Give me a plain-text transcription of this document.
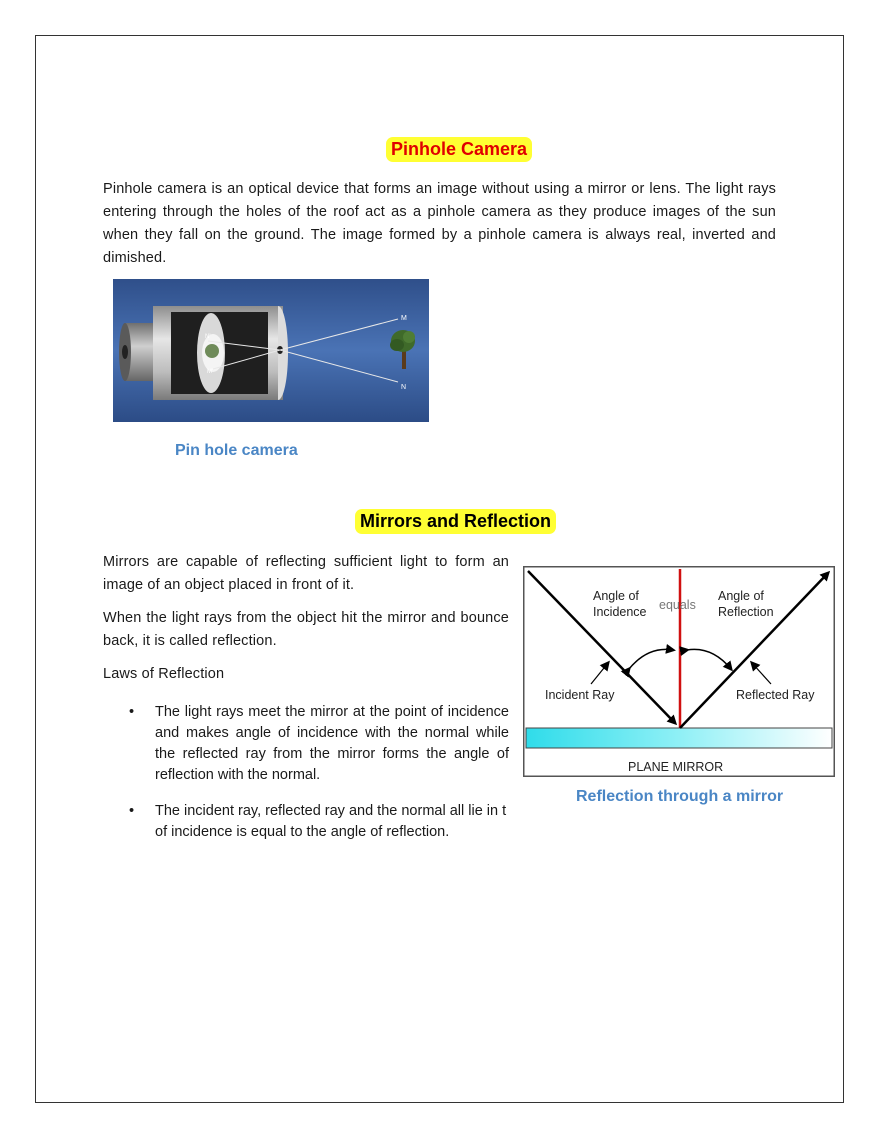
Pinhole Camera
Pinhole camera is an optical device that forms an image without using a mirror or lens. The light rays entering through the holes of the roof act as a pinhole camera as they produce images of the sun when they fall on the ground. The image formed by a pinhole camera is always real, inverted and dimished.
M
N
N'
M'
Pin hole camera
Mirrors and Reflection
Mirrors are capable of reflecting sufficient light to form an image of an object placed in front of it.
When the light rays from the object hit the mirror and bounce back, it is called reflection.
Laws of Reflection
• The light rays meet the mirror at the point of incidence and makes angle of incidence with the normal while the reflected ray from the mirror forms the angle of reflection with the normal.
•	The incident ray, reflected ray and the normal all lie in t
of incidence is equal to the angle of reflection.
Angle of
Incidence equals
Angle of
Reflection
Incident Ray	Reflected Ray
PLANE MIRROR
Reflection through a mirror
